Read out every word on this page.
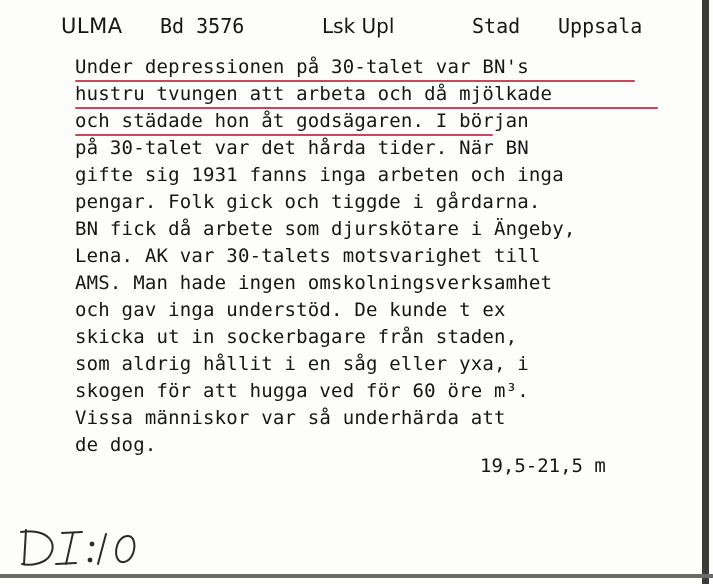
ULMA Bd 3576	Lsk Upl	Stad Uppsala
Under depressionen på 30-talet var BN's
hustru tvungen att arbeta och då mjölkade
och städade hon åt godsägaren. I början
på 30-talet var det hårda tider. När BN
gifte sig 1931 fanns inga arbeten och inga
pengar. Folk gick och tiggde i gårdarna.
BN fick då arbete som djurskötare i Ängeby,
Lena. AK var 30-talets motsvarighet till
AMS. Man hade ingen omskolningsverksamhet
och gav inga understöd. De kunde t ex
skicka ut in sockerbagare från staden,
som aldrig hållit i en såg eller yxa, i
skogen för att hugga ved för 60 öre m³.
Vissa människor var så underhärda att
de dog.
19,5-21,5 m
